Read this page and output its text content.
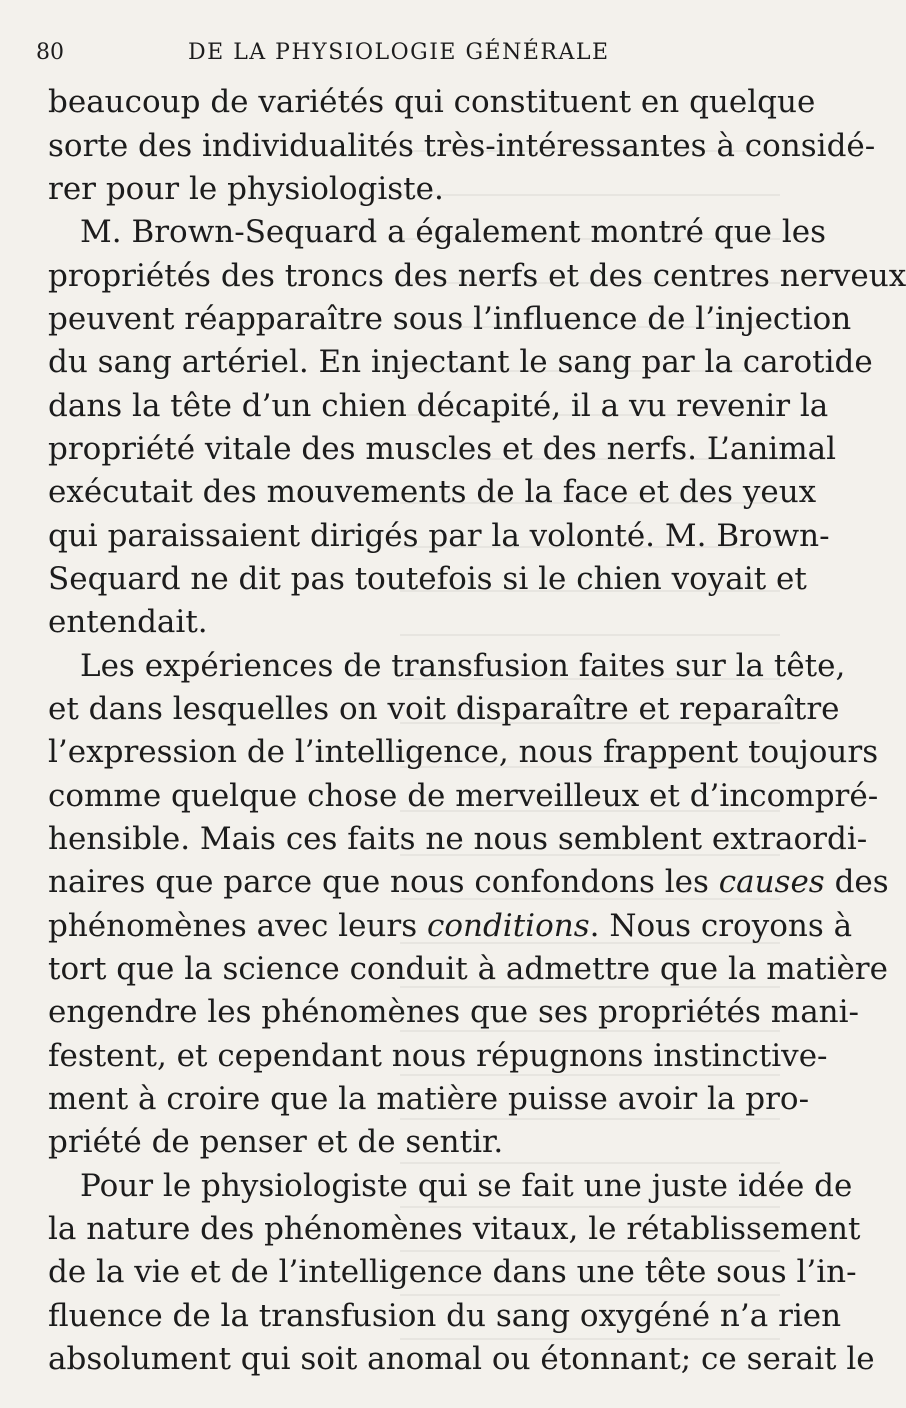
80	DE LA PHYSIOLOGIE GÉNÉRALE
beaucoup de variétés qui constituent en quelque
sorte des individualités très-intéressantes à considé-
rer pour le physiologiste.
M. Brown-Sequard a également montré que les
propriétés des troncs des nerfs et des centres nerveux
peuvent réapparaître sous l’influence de l’injection
du sang artériel. En injectant le sang par la carotide
dans la tête d’un chien décapité, il a vu revenir la
propriété vitale des muscles et des nerfs. L’animal
exécutait des mouvements de la face et des yeux
qui paraissaient dirigés par la volonté. M. Brown-
Sequard ne dit pas toutefois si le chien voyait et
entendait.
Les expériences de transfusion faites sur la tête,
et dans lesquelles on voit disparaître et reparaître
l’expression de l’intelligence, nous frappent toujours
comme quelque chose de merveilleux et d’incompré-
hensible. Mais ces faits ne nous semblent extraordi-
naires que parce que nous confondons les causes des
phénomènes avec leurs conditions. Nous croyons à
tort que la science conduit à admettre que la matière
engendre les phénomènes que ses propriétés mani-
festent, et cependant nous répugnons instinctive-
ment à croire que la matière puisse avoir la pro-
priété de penser et de sentir.
Pour le physiologiste qui se fait une juste idée de
la nature des phénomènes vitaux, le rétablissement
de la vie et de l’intelligence dans une tête sous l’in-
fluence de la transfusion du sang oxygéné n’a rien
absolument qui soit anomal ou étonnant; ce serait le
